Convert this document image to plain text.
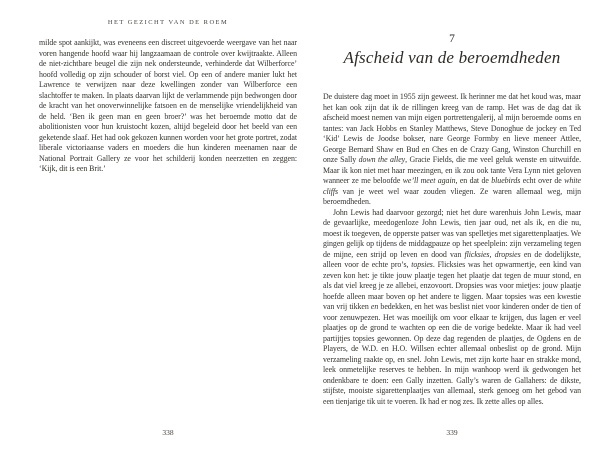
HET GEZICHT VAN DE ROEM

milde spot aankijkt, was eveneens een discreet uitgevoerde weergave van het naar voren hangende hoofd waar hij langzaamaan de controle over kwijtraakte. Alleen de niet-zichtbare beugel die zijn nek ondersteunde, verhinderde dat Wilberforce’ hoofd volledig op zijn schouder of borst viel. Op een of andere manier lukt het Lawrence te verwijzen naar deze kwellingen zonder van Wilberforce een slachtoffer te maken. In plaats daarvan lijkt de verlammende pijn bedwongen door de kracht van het onoverwinnelijke fatsoen en de menselijke vriendelijkheid van de held. ‘Ben ik geen man en geen broer?’ was het beroemde motto dat de abolitionisten voor hun kruistocht kozen, altijd begeleid door het beeld van een geketende slaaf. Het had ook gekozen kunnen worden voor het grote portret, zodat liberale victoriaanse vaders en moeders die hun kinderen meenamen naar de National Portrait Gallery ze voor het schilderij konden neerzetten en zeggen: ‘Kijk, dit is een Brit.’

338
7
Afscheid van de beroemdheden

De duistere dag moet in 1955 zijn geweest. Ik herinner me dat het koud was, maar het kan ook zijn dat ik de rillingen kreeg van de ramp. Het was de dag dat ik afscheid moest nemen van mijn eigen portrettengalerij, al mijn beroemde ooms en tantes: van Jack Hobbs en Stanley Matthews, Steve Donoghue de jockey en Ted ‘Kid’ Lewis de Joodse bokser, nare George Formby en lieve meneer Attlee, George Bernard Shaw en Bud en Ches en de Crazy Gang, Winston Churchill en onze Sally down the alley, Gracie Fields, die me veel geluk wenste en uitwuifde. Maar ik kon niet met haar meezingen, en ik zou ook tante Vera Lynn niet geloven wanneer ze me beloofde we’ll meet again, en dat de bluebirds echt over de white cliffs van je weet wel waar zouden vliegen. Ze waren allemaal weg, mijn beroemdheden.

John Lewis had daarvoor gezorgd; niet het dure warenhuis John Lewis, maar de gevaarlijke, meedogenloze John Lewis, tien jaar oud, net als ik, en die nu, moest ik toegeven, de opperste patser was van spelletjes met sigarettenplaatjes. We gingen gelijk op tijdens de middagpauze op het speelplein: zijn verzameling tegen de mijne, een strijd op leven en dood van flicksies, dropsies en de dodelijkste, alleen voor de echte pro’s, topsies. Flicksies was het opwarmertje, een kind van zeven kon het: je tikte jouw plaatje tegen het plaatje dat tegen de muur stond, en als dat viel kreeg je ze allebei, enzovoort. Dropsies was voor mietjes: jouw plaatje hoefde alleen maar boven op het andere te liggen. Maar topsies was een kwestie van vrij tikken en bedekken, en het was beslist niet voor kinderen onder de tien of voor zenuwpezen. Het was moeilijk om voor elkaar te krijgen, dus lagen er veel plaatjes op de grond te wachten op een die de vorige bedekte. Maar ik had veel partijtjes topsies gewonnen. Op deze dag regenden de plaatjes, de Ogdens en de Players, de W.D. en H.O. Willsen echter allemaal onbeslist op de grond. Mijn verzameling raakte op, en snel. John Lewis, met zijn korte haar en strakke mond, leek onmetelijke reserves te hebben. In mijn wanhoop werd ik gedwongen het ondenkbare te doen: een Gally inzetten. Gally’s waren de Gallahers: de dikste, stijfste, mooiste sigarettenplaatjes van allemaal, sterk genoeg om het gebod van een tienjarige tik uit te voeren. Ik had er nog zes. Ik zette alles op alles.

339
